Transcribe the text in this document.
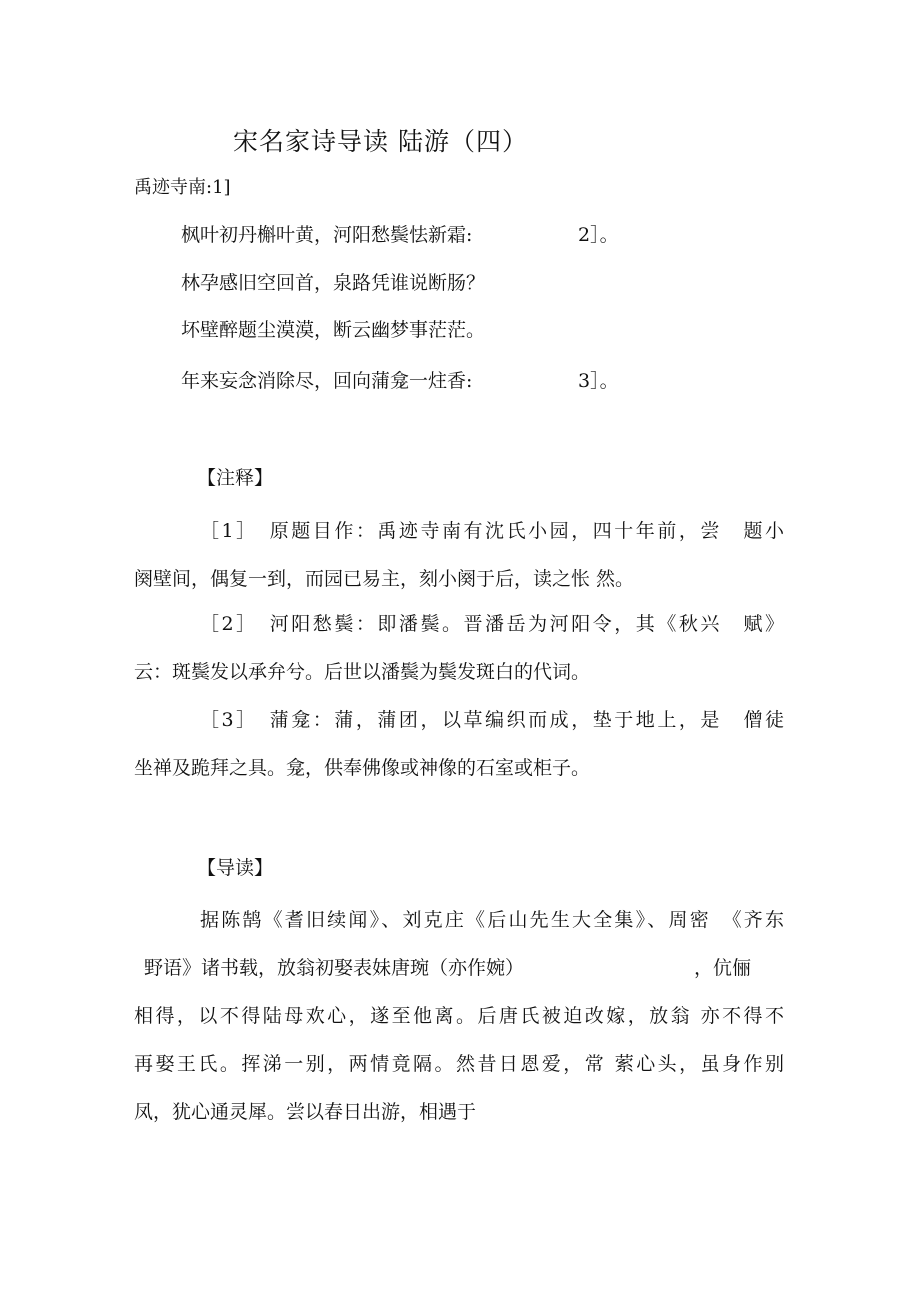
宋名家诗导读 陆游（四）
禹迹寺南:1]
枫叶初丹槲叶黄，河阳愁鬓怯新霜:	2］。
林孕感旧空回首，泉路凭谁说断肠？
坏壁醉题尘漠漠，断云幽梦事茫茫。
年来妄念消除尽，回向蒲龛一炷香:	3］。
【注释】
［1］　原题目作：禹迹寺南有沈氏小园，四十年前，尝　题小
阕壁间，偶复一到，而园已易主，刻小阕于后，读之怅 然。
［2］　河阳愁鬓：即潘鬓。晋潘岳为河阳令，其《秋兴　赋》
云：斑鬓发以承弁兮。后世以潘鬓为鬓发斑白的代词。
［3］　蒲龛：蒲，蒲团，以草编织而成，垫于地上，是　僧徒
坐禅及跪拜之具。龛，供奉佛像或神像的石室或柜子。
【导读】
据陈鹄《耆旧续闻》、刘克庄《后山先生大全集》、周密　《齐东
野语》诸书载，放翁初娶表妹唐琬（亦作婉）	，伉俪
相得，以不得陆母欢心，遂至他离。后唐氏被迫改嫁，放翁 亦不得不
再娶王氏。挥涕一别，两情竟隔。然昔日恩爱，常 萦心头，虽身作别
凤，犹心通灵犀。尝以春日出游，相遇于
